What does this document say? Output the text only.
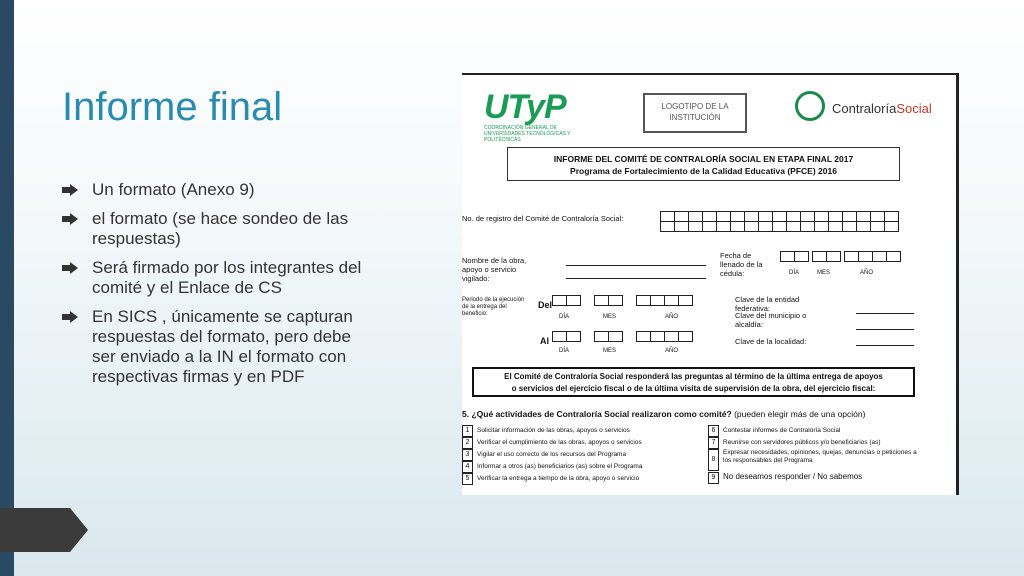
Informe final
Un formato (Anexo 9)
el formato (se hace sondeo de las respuestas)
Será firmado por los integrantes del comité y el Enlace de CS
En SICS , únicamente se capturan respuestas del formato, pero debe ser enviado a la IN el formato con respectivas firmas y en PDF
UTyP
COORDINACIÓN GENERAL DE UNIVERSIDADES TECNOLÓGICAS Y POLITÉCNICAS
LOGOTIPO DE LA INSTITUCIÓN
ContraloríaSocial
INFORME DEL COMITÉ DE CONTRALORÍA SOCIAL EN ETAPA FINAL 2017
Programa de Fortalecimiento de la Calidad Educativa (PFCE) 2016
No. de registro del Comité de Contraloría Social:
Nombre de la obra, apoyo o servicio vigilado:
Fecha de llenado de la cédula:	DÍA	MES	AÑO
Periodo de la ejecución de la entrega del beneficio:
Del
DÍA	MES	AÑO
Al
DÍA	MES	AÑO
Clave de la entidad federativa:
Clave del municipio o alcaldía:
Clave de la localidad:
El Comité de Contraloría Social responderá las preguntas al término de la última entrega de apoyos
o servicios del ejercicio fiscal o de la última visita de supervisión de la obra, del ejercicio fiscal:
5. ¿Qué actividades de Contraloría Social realizaron como comité? (pueden elegir más de una opción)
1 Solicitar información de las obras, apoyos o servicios
2 Verificar el cumplimiento de las obras, apoyos o servicios
3 Vigilar el uso correcto de los recursos del Programa
4 Informar a otros (as) beneficiarios (as) sobre el Programa
5 Verificar la entrega a tiempo de la obra, apoyo o servicio
6 Contestar informes de Contraloría Social
7 Reunirse con servidores públicos y/o beneficiarios (as)
8
Expresar necesidades, opiniones, quejas, denuncias o peticiones a los responsables del Programa
9 No deseamos responder / No sabemos
